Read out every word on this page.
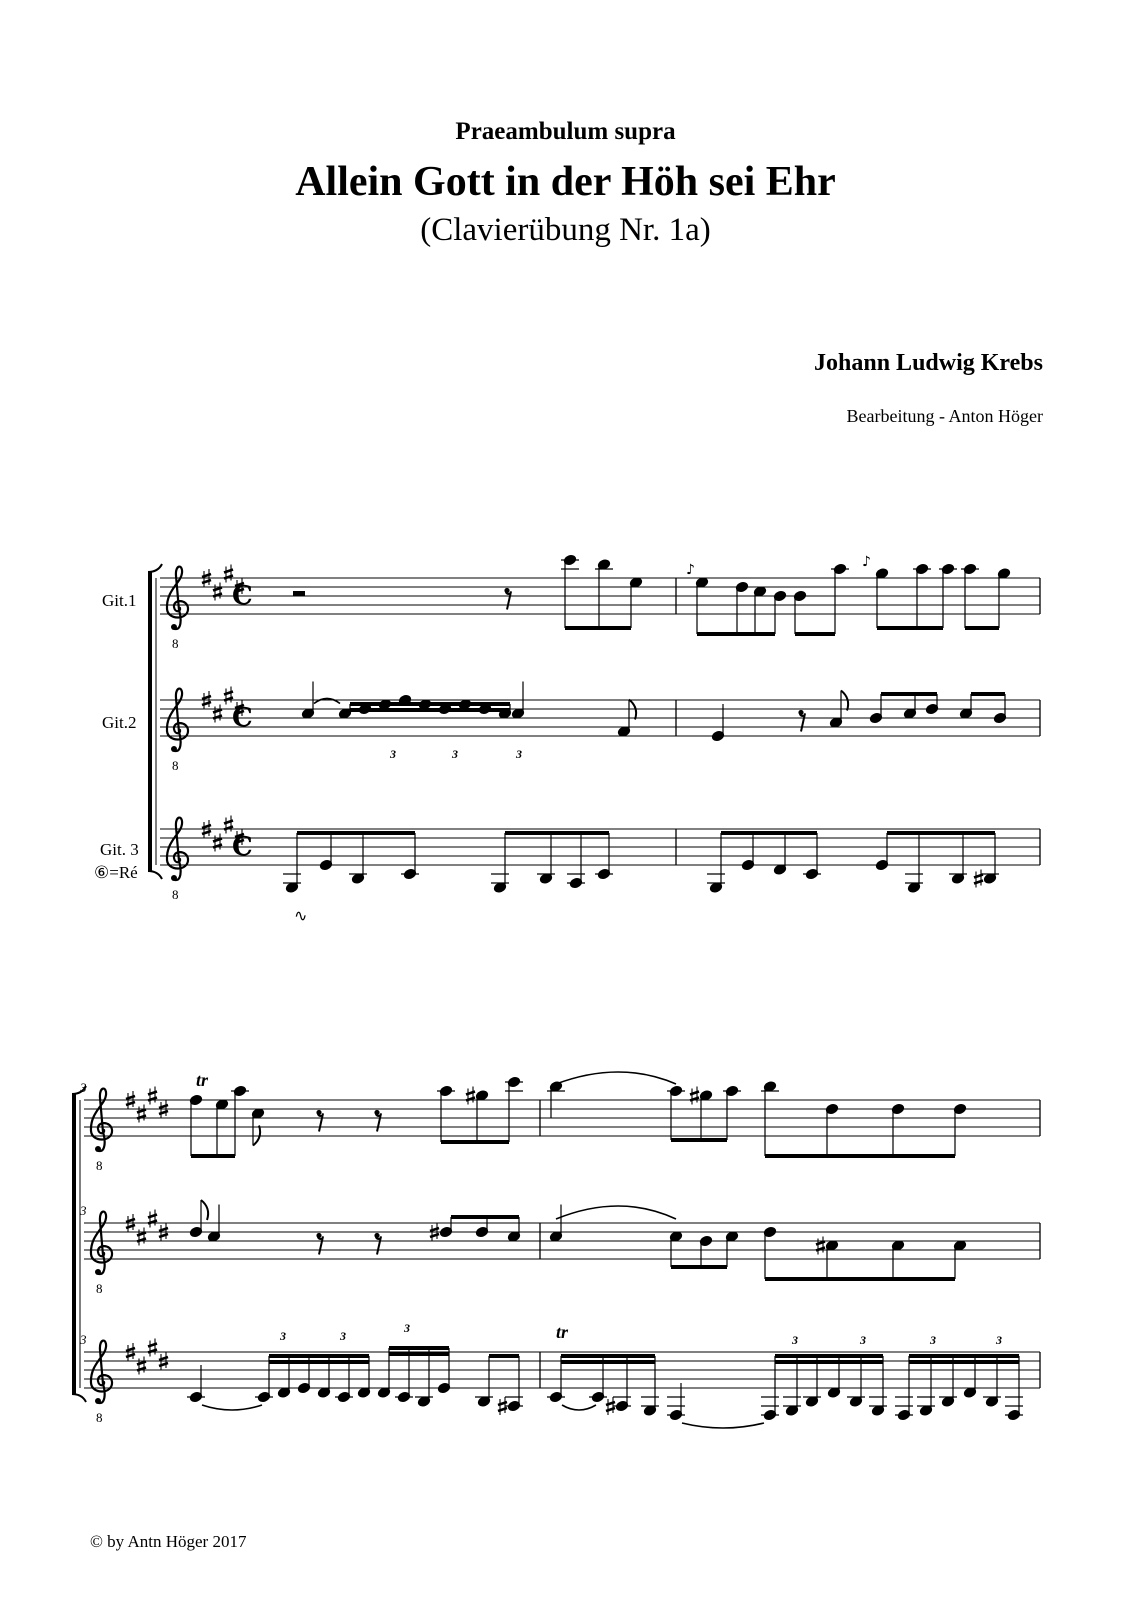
Praeambulum supra
Allein Gott in der Höh sei Ehr
(Clavierübung Nr. 1a)
Johann Ludwig Krebs
Bearbeitung - Anton Höger
© by Antn Höger 2017
8
8
8
C
C
C
♪	♪
3	3	3
∿
8
3
8
3
8
3
tr
3	3
3	tr	3	3	3	3
Git.1
Git.2
Git. 3
⑥=Ré
